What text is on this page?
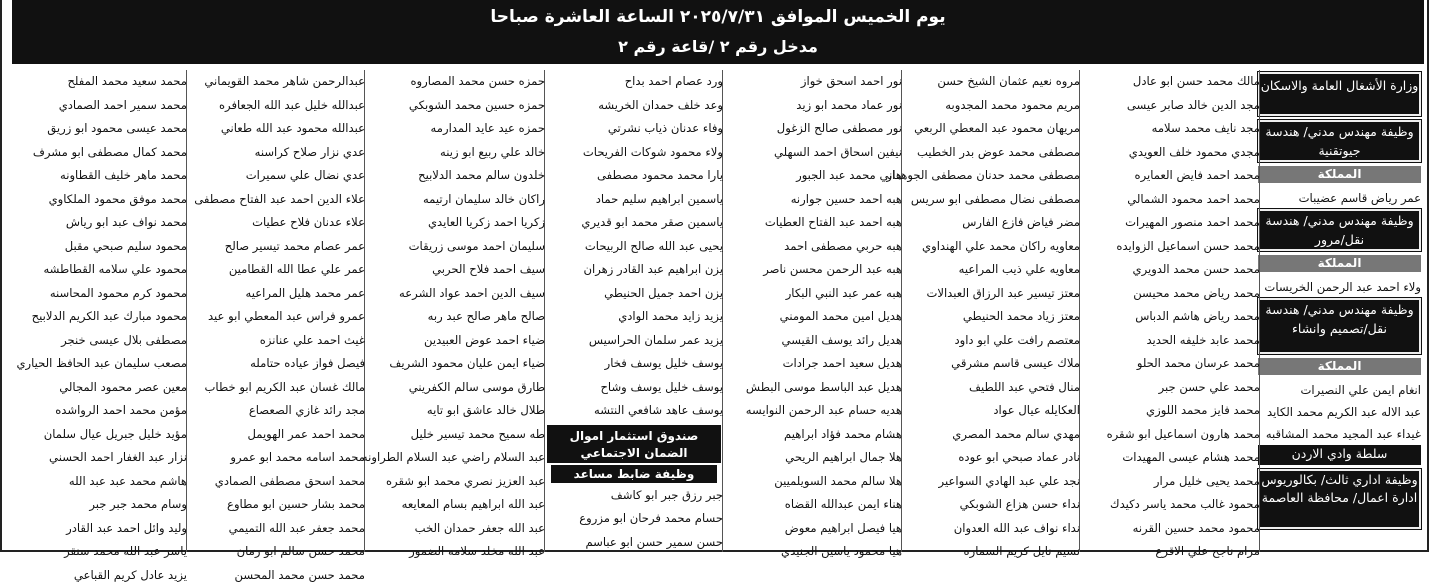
يوم الخميس الموافق ٢٠٢٥/٧/٣١ الساعة العاشرة صباحا
مدخل رقم ٢ /قاعة رقم ٢
وزارة الأشغال العامة والاسكان
وظيفة مهندس مدني/ هندسة جيوتقنية
المملكة
عمر رياض قاسم عضيبات
وظيفة مهندس مدني/ هندسة نقل/مرور
المملكة
ولاء احمد عبد الرحمن الخريسات
وظيفة مهندس مدني/ هندسة نقل/تصميم وانشاء
المملكة
انغام ايمن علي النصيرات
عبد الاله عبد الكريم محمد الكايد
غيداء عبد المجيد محمد المشاقبه
سلطة وادي الاردن
وظيفة اداري ثالث/ بكالوريوس ادارة اعمال/ محافظة العاصمة
مالك محمد حسن ابو عادل
مجد الدين خالد صابر عيسى
مجد نايف محمد سلامه
مجدي محمود خلف العويدي
محمد احمد فايض العمايره
محمد احمد محمود الشمالي
محمد احمد منصور المهيرات
محمد حسن اسماعيل الزوايده
محمد حسن محمد الدويري
محمد رياض محمد محيسن
محمد رياض هاشم الدباس
محمد عابد خليفه الحديد
محمد عرسان محمد الحلو
محمد علي حسن جبر
محمد فايز محمد اللوزي
محمد هارون اسماعيل ابو شقره
محمد هشام عيسى المهيدات
محمد يحيى خليل مرار
محمود غالب محمد ياسر دكيدك
محمود محمد حسين القرنه
مرام ناجح علي الاقرع
مروه نعيم عثمان الشيخ حسن
مريم محمود محمد المجدوبه
مريهان محمود عبد المعطي الربعي
مصطفى محمد عوض بدر الخطيب
مصطفى محمد حدنان مصطفى الجوهدار
مصطفى نضال مصطفى ابو سريس
مضر فياض فازع الفارس
معاويه راكان محمد علي الهنداوي
معاويه علي ذيب المراعيه
معتز تيسير عبد الرزاق العبدالات
معتز زياد محمد الحنيطي
معتصم رافت علي ابو داود
ملاك عيسى قاسم مشرقي
منال فتحي عبد اللطيف
العكايله عيال عواد
مهدي سالم محمد المصري
نادر عماد صبحي ابو عوده
نجد علي عبد الهادي السواعير
نداء حسن هزاع الشوبكي
نداء نواف عبد الله العدوان
نسيم نايل كريم السماره
نور احمد اسحق خواز
نور عماد محمد ابو زيد
نور مصطفى صالح الزغول
نيفين اسحاق احمد السهلي
هاني محمد عبد الجبور
هبه احمد حسين جوارنه
هبه احمد عبد الفتاح العطيات
هبه حربي مصطفى احمد
هبه عبد الرحمن محسن ناصر
هبه عمر عبد النبي البكار
هديل امين محمد المومني
هديل رائد يوسف القيسي
هديل سعيد احمد جرادات
هديل عبد الباسط موسى البطش
هديه حسام عبد الرحمن النوايسه
هشام محمد فؤاد ابراهيم
هلا جمال ابراهيم الريحي
هلا سالم محمد السويلميين
هناء ايمن عبدالله القضاه
هيا فيصل ابراهيم معوض
هيا محمود ياسين الجنيدي
ورد عصام احمد بداح
وعد خلف حمدان الخريشه
وفاء عدنان ذياب نشرتي
ولاء محمود شوكات الفريحات
يارا محمد محمود مصطفى
ياسمين ابراهيم سليم حماد
ياسمين صقر محمد ابو قديري
يحيى عبد الله صالح الربيحات
يزن ابراهيم عبد القادر زهران
يزن احمد جميل الحنيطي
يزيد زايد محمد الوادي
يزيد عمر سلمان الحراسيس
يوسف خليل يوسف فخار
يوسف خليل يوسف وشاح
يوسف عاهد شافعي النتشه
صندوق استثمار اموال الضمان الاجتماعي
وظيفة ضابط مساعد
جبر رزق جبر ابو كاشف
حسام محمد فرحان ابو مزروع
حسن سمير حسن ابو عباسم
حمزه حسن محمد المصاروه
حمزه حسين محمد الشوبكي
حمزه عيد عايد المدارمه
خالد علي ربيع ابو زينه
خلدون سالم محمد الدلابيح
راكان خالد سليمان ارتيمه
زكريا احمد زكريا العايدي
سليمان احمد موسى زريقات
سيف احمد فلاح الحربي
سيف الدين احمد عواد الشرعه
صالح ماهر صالح عبد ربه
ضياء احمد عوض العبيدين
ضياء ايمن عليان محمود الشريف
طارق موسى سالم الكفريني
طلال خالد عاشق ابو تايه
طه سميح محمد تيسير خليل
عبد السلام راضي عبد السلام الطراونه
عبد العزيز نصري محمد ابو شقره
عبد الله ابراهيم بسام المعايعه
عبد الله جعفر حمدان الخب
عبد الله مخلد سلامه الضمور
عبدالرحمن شاهر محمد القويماني
عبدالله خليل عبد الله الجعافره
عبدالله محمود عبد الله طعاني
عدي نزار صلاح كراسنه
عدي نضال علي سميرات
علاء الدين احمد عبد الفتاح مصطفى
علاء عدنان فلاح عطيات
عمر عصام محمد تيسير صالح
عمر علي عطا الله القطامين
عمر محمد هليل المراعيه
عمرو فراس عبد المعطي ابو عيد
غيث احمد علي عنانزه
فيصل فواز عياده حتامله
مالك غسان عبد الكريم ابو خطاب
مجد رائد غازي الصعصاع
محمد احمد عمر الهويمل
محمد اسامه محمد ابو عمرو
محمد اسحق مصطفى الصمادي
محمد بشار حسين ابو مطاوع
محمد جعفر عبد الله التميمي
محمد حسن سالم ابو رمان
محمد حسن محمد المحسن
محمد سعيد محمد المفلح
محمد سمير احمد الصمادي
محمد عيسى محمود ابو زريق
محمد كمال مصطفى ابو مشرف
محمد ماهر خليف القطاونه
محمد موفق محمود الملكاوي
محمد نواف عبد ابو رياش
محمود سليم صبحي مقبل
محمود علي سلامه القطاطشه
محمود كرم محمود المحاسنه
محمود مبارك عبد الكريم الدلابيح
مصطفى بلال عيسى خنجر
مصعب سليمان عبد الحافظ الحياري
معين عصر محمود المجالي
مؤمن محمد احمد الرواشده
مؤيد خليل جبريل عيال سلمان
نزار عبد الغفار احمد الحسني
هاشم محمد عبد عبد الله
وسام محمد جبر جبر
وليد وائل احمد عبد القادر
ياسر عبد الله محمد سنقر
يزيد عادل كريم القباعي
